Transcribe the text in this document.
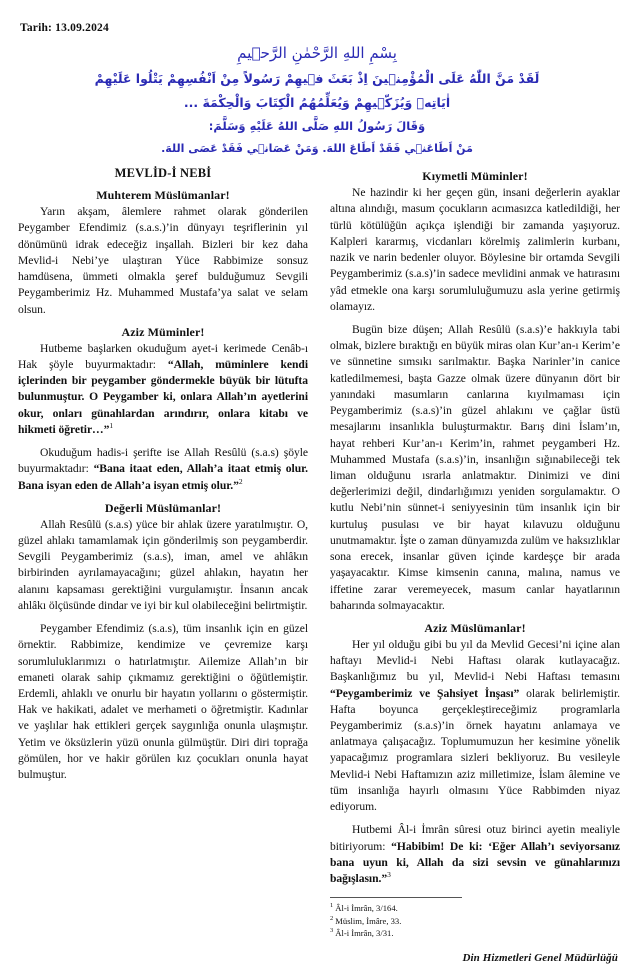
Tarih: 13.09.2024
بِسْمِ اللهِ الرَّحْمٰنِ الرَّح۪يمِ
لَقَدْ مَنَّ اللّٰهُ عَلَى الْمُؤْمِن۪ينَ اِذْ بَعَثَ ف۪يهِمْ رَسُولاً مِنْ اَنْفُسِهِمْ يَتْلُوا عَلَيْهِمْ
اٰيَاتِه۪ وَيُزَكّ۪يهِمْ وَيُعَلِّمُهُمُ الْكِتَابَ وَالْحِكْمَةَ ...
وَقَالَ رَسُولُ اللهِ صَلَّى اللهُ عَلَيْهِ وَسَلَّمَ:
مَنْ اَطَاعَن۪ي فَقَدْ اَطَاعَ اللهَ. وَمَنْ عَصَان۪ي فَقَدْ عَصَى اللهَ.
MEVLİD-İ NEBİ
Muhterem Müslümanlar!

Yarın akşam, âlemlere rahmet olarak gönderilen Peygamber Efendimiz (s.a.s.)’in dünyayı teşriflerinin yıl dönümünü idrak edeceğiz inşallah. Bizleri bir kez daha Mevlid-i Nebi’ye ulaştıran Yüce Rabbimize sonsuz hamdüsena, ümmeti olmakla şeref bulduğumuz Sevgili Peygamberimiz Hz. Muhammed Mustafa’ya salat ve selam olsun.

Aziz Müminler!

Hutbeme başlarken okuduğum ayet-i kerimede Cenâb-ı Hak şöyle buyurmaktadır: “Allah, müminlere kendi içlerinden bir peygamber göndermekle büyük bir lütufta bulunmuştur. O Peygamber ki, onlara Allah’ın ayetlerini okur, onları günahlardan arındırır, onlara kitabı ve hikmeti öğretir…”$^1$

Okuduğum hadis-i şerifte ise Allah Resûlü (s.a.s) şöyle buyurmaktadır: “Bana itaat eden, Allah’a itaat etmiş olur. Bana isyan eden de Allah’a isyan etmiş olur.”$^2$

Değerli Müslümanlar!

Allah Resûlü (s.a.s) yüce bir ahlak üzere yaratılmıştır. O, güzel ahlakı tamamlamak için gönderilmiş son peygamberdir. Sevgili Peygamberimiz (s.a.s), iman, amel ve ahlâkın birbirinden ayrılamayacağını; güzel ahlakın, hayatın her alanını kapsaması gerektiğini vurgulamıştır. İnsanın ancak ahlâkı ölçüsünde dindar ve iyi bir kul olabileceğini belirtmiştir.

Peygamber Efendimiz (s.a.s), tüm insanlık için en güzel örnektir. Rabbimize, kendimize ve çevremize karşı sorumluluklarımızı o hatırlatmıştır. Ailemize Allah’ın bir emaneti olarak sahip çıkmamız gerektiğini o öğütlemiştir. Erdemli, ahlaklı ve onurlu bir hayatın yollarını o göstermiştir. Hak ve hakikati, adalet ve merhameti o öğretmiştir. Kadınlar ve yaşlılar hak ettikleri gerçek saygınlığa onunla ulaşmıştır. Yetim ve öksüzlerin yüzü onunla gülmüştür. Diri diri toprağa gömülen, hor ve hakir görülen kız çocukları onunla hayat bulmuştur.

Kıymetli Müminler!

Ne hazindir ki her geçen gün, insani değerlerin ayaklar altına alındığı, masum çocukların acımasızca katledildiği, her türlü kötülüğün açıkça işlendiği bir zamanda yaşıyoruz. Kalpleri kararmış, vicdanları körelmiş zalimlerin kurbanı, nazik ve narin bedenler oluyor. Böylesine bir ortamda Sevgili Peygamberimiz (s.a.s)’in sadece mevlidini anmak ve hatırasını yâd etmekle ona karşı sorumluluğumuzu asla yerine getirmiş olamayız.

Bugün bize düşen; Allah Resûlü (s.a.s)’e hakkıyla tabi olmak, bizlere bıraktığı en büyük miras olan Kur’an-ı Kerim’e ve sünnetine sımsıkı sarılmaktır. Başka Narinler’in canice katledilmemesi, başta Gazze olmak üzere dünyanın dört bir yanındaki masumların canlarına kıyılmaması için Peygamberimiz (s.a.s)’in güzel ahlakını ve çağlar üstü mesajlarını insanlıkla buluşturmaktır. Barış dini İslam’ın, hayat rehberi Kur’an-ı Kerim’in, rahmet peygamberi Hz. Muhammed Mustafa (s.a.s)’in, insanlığın sığınabileceği tek liman olduğunu ısrarla anlatmaktır. Dinimizi ve dini değerlerimizi değil, dindarlığımızı yeniden sorgulamaktır. O kutlu Nebi’nin sünnet-i seniyyesinin tüm insanlık için bir kurtuluş pusulası ve bir hayat kılavuzu olduğunu unutmamaktır. İşte o zaman dünyamızda zulüm ve haksızlıklar sona erecek, insanlar güven içinde kardeşçe bir arada yaşayacaktır. Kimse kimsenin canına, malına, namus ve iffetine zarar veremeyecek, masum canlar hayatlarının baharında solmayacaktır.

Aziz Müslümanlar!

Her yıl olduğu gibi bu yıl da Mevlid Gecesi’ni içine alan haftayı Mevlid-i Nebi Haftası olarak kutlayacağız. Başkanlığımız bu yıl, Mevlid-i Nebi Haftası temasını “Peygamberimiz ve Şahsiyet İnşası” olarak belirlemiştir. Hafta boyunca gerçekleştireceğimiz programlarla Peygamberimiz (s.a.s)’in örnek hayatını anlamaya ve anlatmaya çalışacağız. Toplumumuzun her kesimine yönelik yapacağımız programlara sizleri bekliyoruz. Bu vesileyle Mevlid-i Nebi Haftamızın aziz milletimize, İslam âlemine ve tüm insanlığa hayırlı olmasını Yüce Rabbimden niyaz ediyorum.

Hutbemi Âl-i İmrân sûresi otuz birinci ayetin mealiyle bitiriyorum: “Habibim! De ki: ‘Eğer Allah’ı seviyorsanız bana uyun ki, Allah da sizi sevsin ve günahlarınızı bağışlasın.”$^3$

$^1$ Âl-i İmrân, 3/164.

$^2$ Müslim, İmâre, 33.

$^3$ Âl-i İmrân, 3/31.

Din Hizmetleri Genel Müdürlüğü
